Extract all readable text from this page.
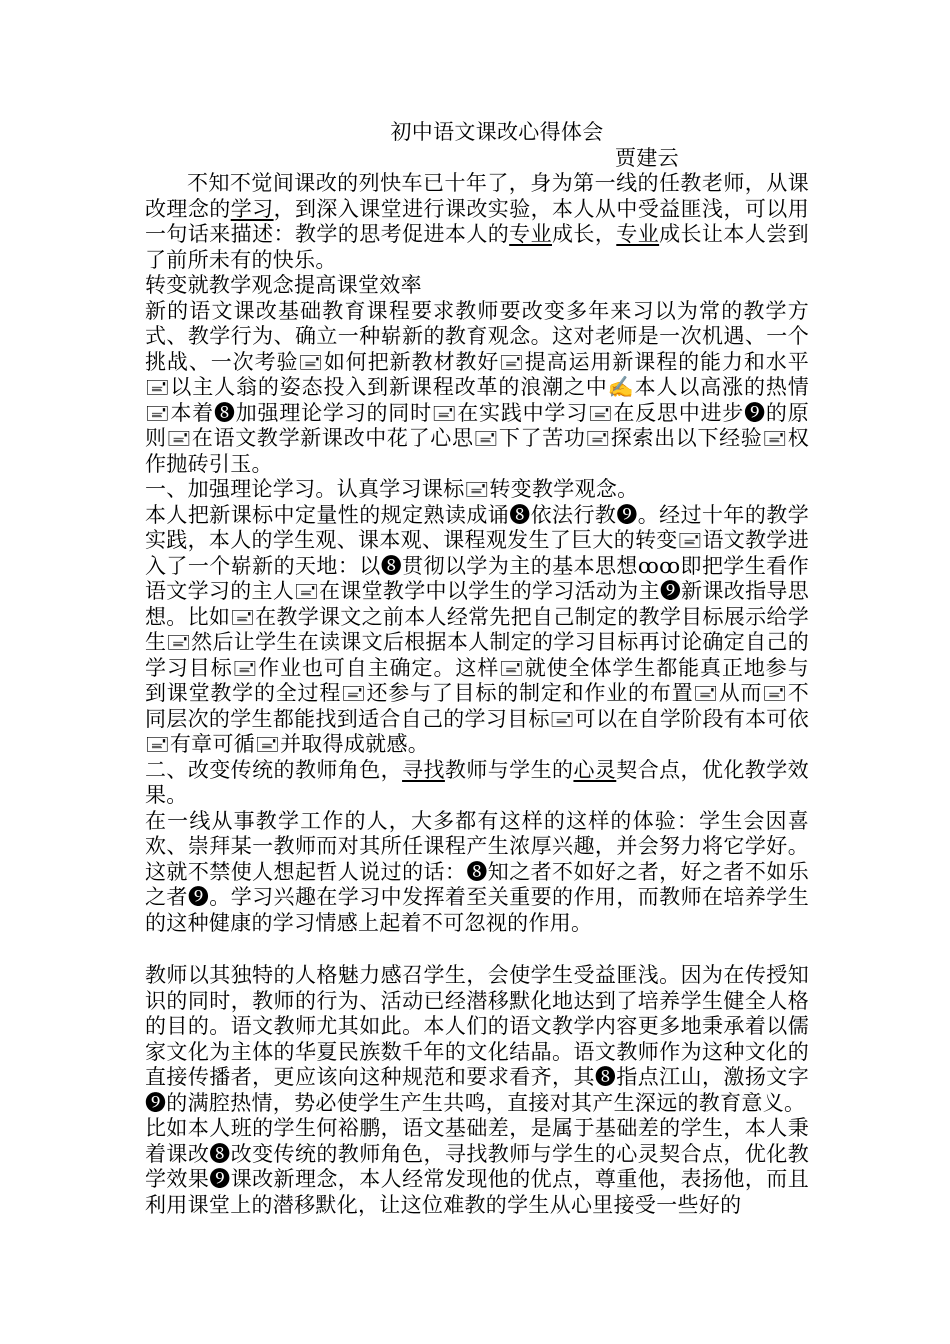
初中语文课改心得体会

贾建云

不知不觉间课改的列快车已十年了，身为第一线的任教老师，从课改理念的学习，到深入课堂进行课改实验，本人从中受益匪浅，可以用一句话来描述：教学的思考促进本人的专业成长，专业成长让本人尝到了前所未有的快乐。

转变就教学观念提高课堂效率

新的语文课改基础教育课程要求教师要改变多年来习以为常的教学方式、教学行为、确立一种崭新的教育观念。这对老师是一次机遇、一个挑战、一次考验🖃如何把新教材教好🖃提高运用新课程的能力和水平🖃以主人翁的姿态投入到新课程改革的浪潮之中✍本人以高涨的热情🖃本着❽加强理论学习的同时🖃在实践中学习🖃在反思中进步❾的原则🖃在语文教学新课改中花了心思🖃下了苦功🖃探索出以下经验🖃权作抛砖引玉。

一、加强理论学习。认真学习课标🖃转变教学观念。

本人把新课标中定量性的规定熟读成诵❽依法行教❾。经过十年的教学实践，本人的学生观、课本观、课程观发生了巨大的转变🖃语文教学进入了一个崭新的天地：以❽贯彻以学为主的基本思想ꝏꝏ即把学生看作语文学习的主人🖃在课堂教学中以学生的学习活动为主❾新课改指导思想。比如🖃在教学课文之前本人经常先把自己制定的教学目标展示给学生🖃然后让学生在读课文后根据本人制定的学习目标再讨论确定自己的学习目标🖃作业也可自主确定。这样🖃就使全体学生都能真正地参与到课堂教学的全过程🖃还参与了目标的制定和作业的布置🖃从而🖃不同层次的学生都能找到适合自己的学习目标🖃可以在自学阶段有本可依🖃有章可循🖃并取得成就感。

二、改变传统的教师角色，寻找教师与学生的心灵契合点，优化教学效果。

在一线从事教学工作的人，大多都有这样的这样的体验：学生会因喜欢、崇拜某一教师而对其所任课程产生浓厚兴趣，并会努力将它学好。这就不禁使人想起哲人说过的话：❽知之者不如好之者，好之者不如乐之者❾。学习兴趣在学习中发挥着至关重要的作用，而教师在培养学生的这种健康的学习情感上起着不可忽视的作用。

教师以其独特的人格魅力感召学生，会使学生受益匪浅。因为在传授知识的同时，教师的行为、活动已经潜移默化地达到了培养学生健全人格的目的。语文教师尤其如此。本人们的语文教学内容更多地秉承着以儒家文化为主体的华夏民族数千年的文化结晶。语文教师作为这种文化的直接传播者，更应该向这种规范和要求看齐，其❽指点江山，激扬文字❾的满腔热情，势必使学生产生共鸣，直接对其产生深远的教育意义。

比如本人班的学生何裕鹏，语文基础差，是属于基础差的学生，本人秉着课改❽改变传统的教师角色，寻找教师与学生的心灵契合点，优化教学效果❾课改新理念，本人经常发现他的优点，尊重他，表扬他，而且利用课堂上的潜移默化，让这位难教的学生从心里接受一些好的
